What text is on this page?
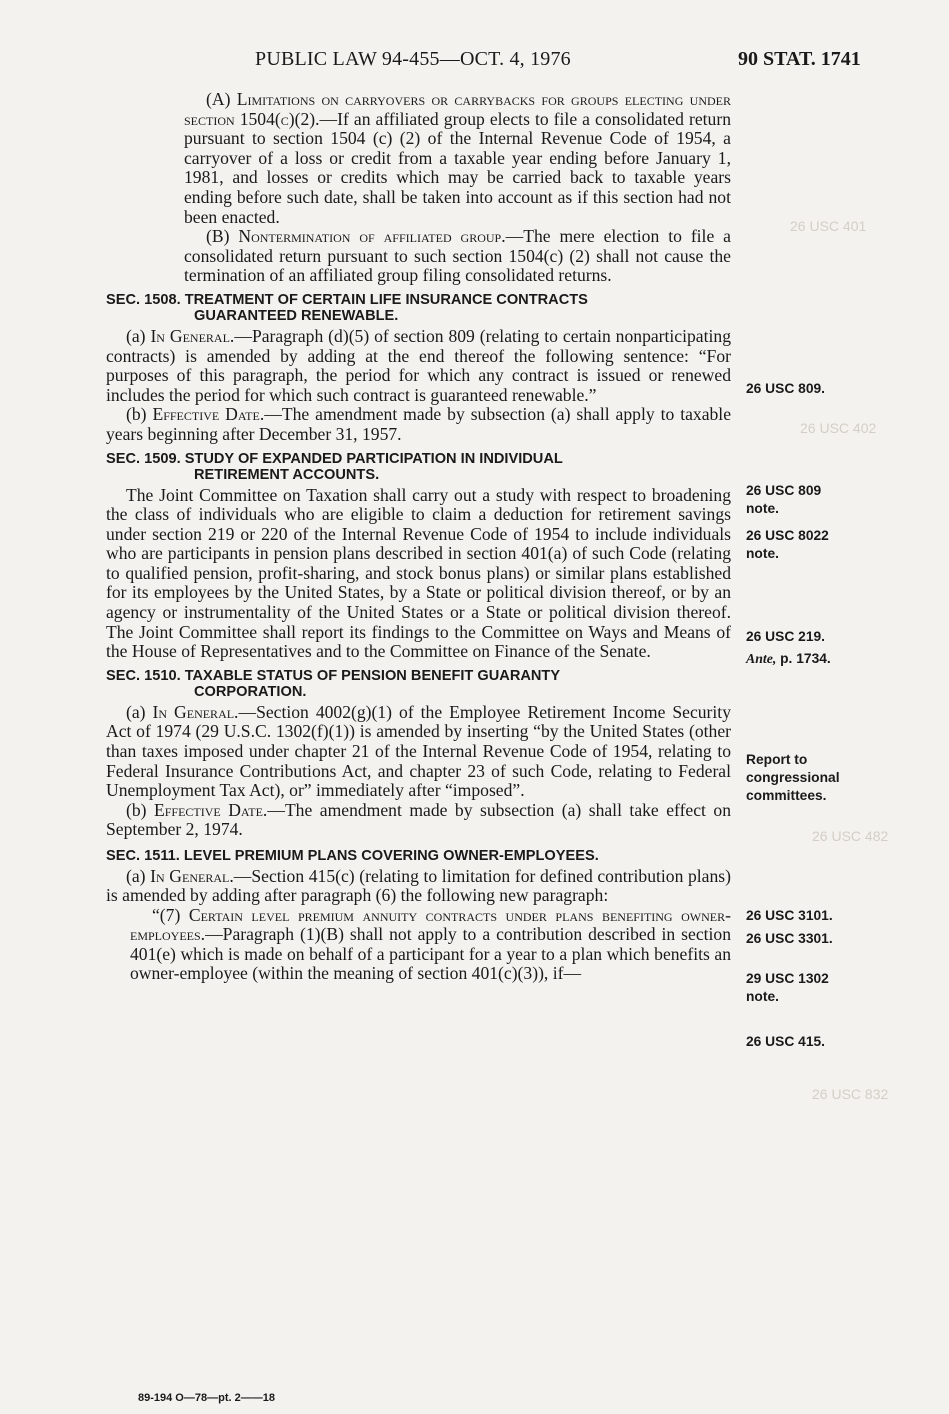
26 USC 401
26 USC 402
26 USC 482
26 USC 832
PUBLIC LAW 94-455—OCT. 4, 1976	90 STAT. 1741

(A) Limitations on carryovers or carrybacks for groups electing under section 1504(c)(2).—If an affiliated group elects to file a consolidated return pursuant to section 1504 (c) (2) of the Internal Revenue Code of 1954, a carryover of a loss or credit from a taxable year ending before January 1, 1981, and losses or credits which may be carried back to taxable years ending before such date, shall be taken into account as if this section had not been enacted.

(B) Nontermination of affiliated group.—The mere election to file a consolidated return pursuant to such section 1504(c) (2) shall not cause the termination of an affiliated group filing consolidated returns.

SEC. 1508. TREATMENT OF CERTAIN LIFE INSURANCE CONTRACTS
GUARANTEED RENEWABLE.

(a) In General.—Paragraph (d)(5) of section 809 (relating to certain nonparticipating contracts) is amended by adding at the end thereof the following sentence: “For purposes of this paragraph, the period for which any contract is issued or renewed includes the period for which such contract is guaranteed renewable.”

(b) Effective Date.—The amendment made by subsection (a) shall apply to taxable years beginning after December 31, 1957.

SEC. 1509. STUDY OF EXPANDED PARTICIPATION IN INDIVIDUAL
RETIREMENT ACCOUNTS.

The Joint Committee on Taxation shall carry out a study with respect to broadening the class of individuals who are eligible to claim a deduction for retirement savings under section 219 or 220 of the Internal Revenue Code of 1954 to include individuals who are participants in pension plans described in section 401(a) of such Code (relating to qualified pension, profit-sharing, and stock bonus plans) or similar plans established for its employees by the United States, by a State or political division thereof, or by an agency or instrumentality of the United States or a State or political division thereof. The Joint Committee shall report its findings to the Committee on Ways and Means of the House of Representatives and to the Committee on Finance of the Senate.

SEC. 1510. TAXABLE STATUS OF PENSION BENEFIT GUARANTY
CORPORATION.

(a) In General.—Section 4002(g)(1) of the Employee Retirement Income Security Act of 1974 (29 U.S.C. 1302(f)(1)) is amended by inserting “by the United States (other than taxes imposed under chapter 21 of the Internal Revenue Code of 1954, relating to Federal Insurance Contributions Act, and chapter 23 of such Code, relating to Federal Unemployment Tax Act), or” immediately after “imposed”.

(b) Effective Date.—The amendment made by subsection (a) shall take effect on September 2, 1974.

SEC. 1511. LEVEL PREMIUM PLANS COVERING OWNER-EMPLOYEES.

(a) In General.—Section 415(c) (relating to limitation for defined contribution plans) is amended by adding after paragraph (6) the following new paragraph:

“(7) Certain level premium annuity contracts under plans benefiting owner-employees.—Paragraph (1)(B) shall not apply to a contribution described in section 401(e) which is made on behalf of a participant for a year to a plan which benefits an owner-employee (within the meaning of section 401(c)(3)), if—

26 USC 809.
26 USC 809
note.
26 USC 8022
note.
26 USC 219.
Ante, p. 1734.
Report to
congressional
committees.
26 USC 3101.
26 USC 3301.
29 USC 1302
note.
26 USC 415.
89-194 O—78—pt. 2——18
